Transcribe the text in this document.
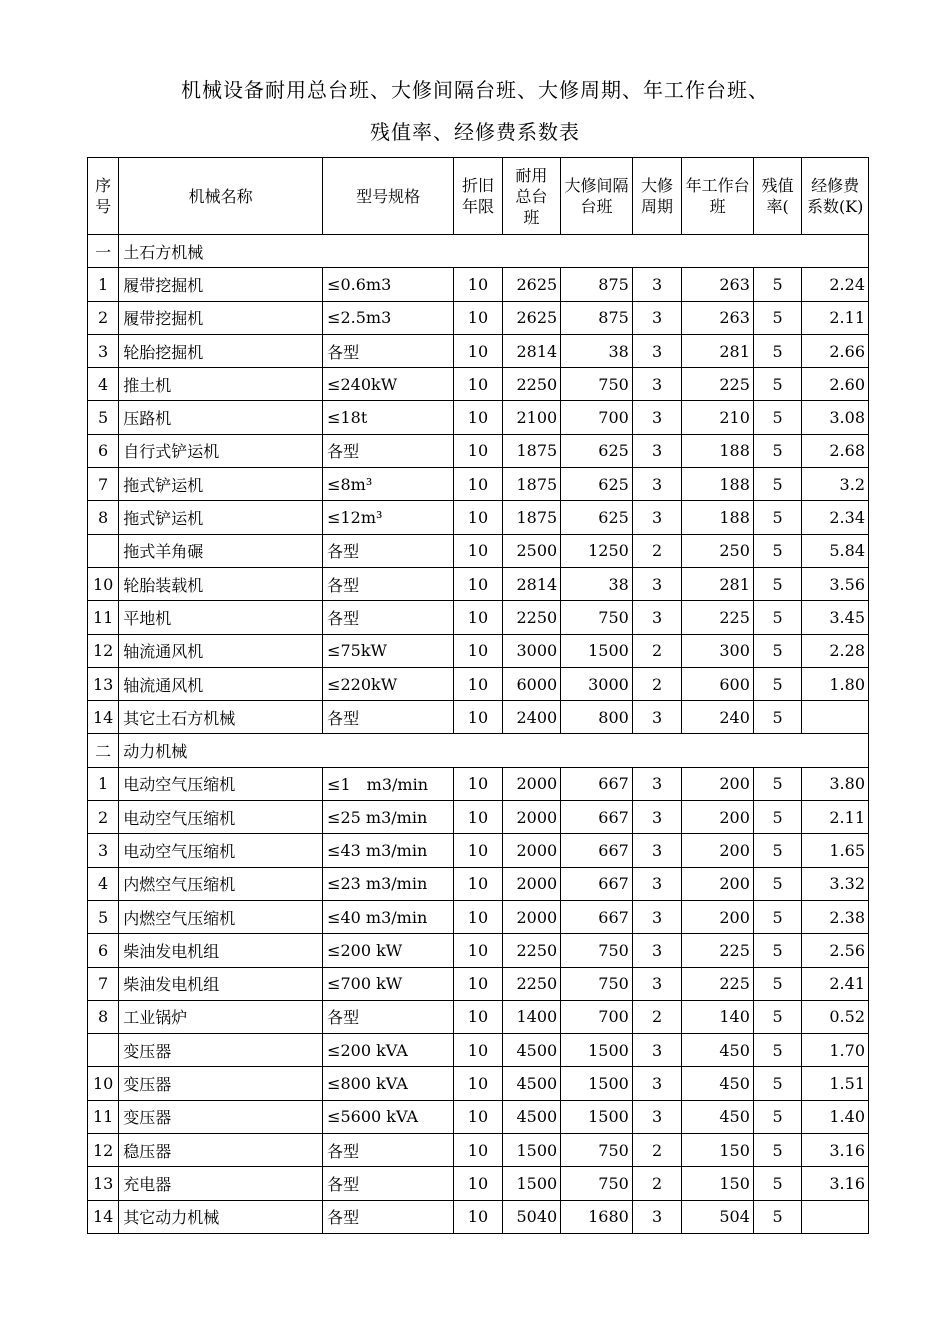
机械设备耐用总台班、大修间隔台班、大修周期、年工作台班、
残值率、经修费系数表
序号	机械名称	型号规格	折旧年限	耐用总台班	大修间隔台班	大修周期	年工作台班	残值率(	经修费系数(K)
一	土石方机械								
1	履带挖掘机	≤0.6m3	10	2625	875	3	263	5	2.24
2	履带挖掘机	≤2.5m3	10	2625	875	3	263	5	2.11
3	轮胎挖掘机	各型	10	2814	38	3	281	5	2.66
4	推土机	≤240kW	10	2250	750	3	225	5	2.60
5	压路机	≤18t	10	2100	700	3	210	5	3.08
6	自行式铲运机	各型	10	1875	625	3	188	5	2.68
7	拖式铲运机	≤8m³	10	1875	625	3	188	5	3.2
8	拖式铲运机	≤12m³	10	1875	625	3	188	5	2.34
	拖式羊角碾	各型	10	2500	1250	2	250	5	5.84
10	轮胎装载机	各型	10	2814	38	3	281	5	3.56
11	平地机	各型	10	2250	750	3	225	5	3.45
12	轴流通风机	≤75kW	10	3000	1500	2	300	5	2.28
13	轴流通风机	≤220kW	10	6000	3000	2	600	5	1.80
14	其它土石方机械	各型	10	2400	800	3	240	5	
二	动力机械								
1	电动空气压缩机	≤1　m3/min	10	2000	667	3	200	5	3.80
2	电动空气压缩机	≤25 m3/min	10	2000	667	3	200	5	2.11
3	电动空气压缩机	≤43 m3/min	10	2000	667	3	200	5	1.65
4	内燃空气压缩机	≤23 m3/min	10	2000	667	3	200	5	3.32
5	内燃空气压缩机	≤40 m3/min	10	2000	667	3	200	5	2.38
6	柴油发电机组	≤200 kW	10	2250	750	3	225	5	2.56
7	柴油发电机组	≤700 kW	10	2250	750	3	225	5	2.41
8	工业锅炉	各型	10	1400	700	2	140	5	0.52
	变压器	≤200 kVA	10	4500	1500	3	450	5	1.70
10	变压器	≤800 kVA	10	4500	1500	3	450	5	1.51
11	变压器	≤5600 kVA	10	4500	1500	3	450	5	1.40
12	稳压器	各型	10	1500	750	2	150	5	3.16
13	充电器	各型	10	1500	750	2	150	5	3.16
14	其它动力机械	各型	10	5040	1680	3	504	5	
